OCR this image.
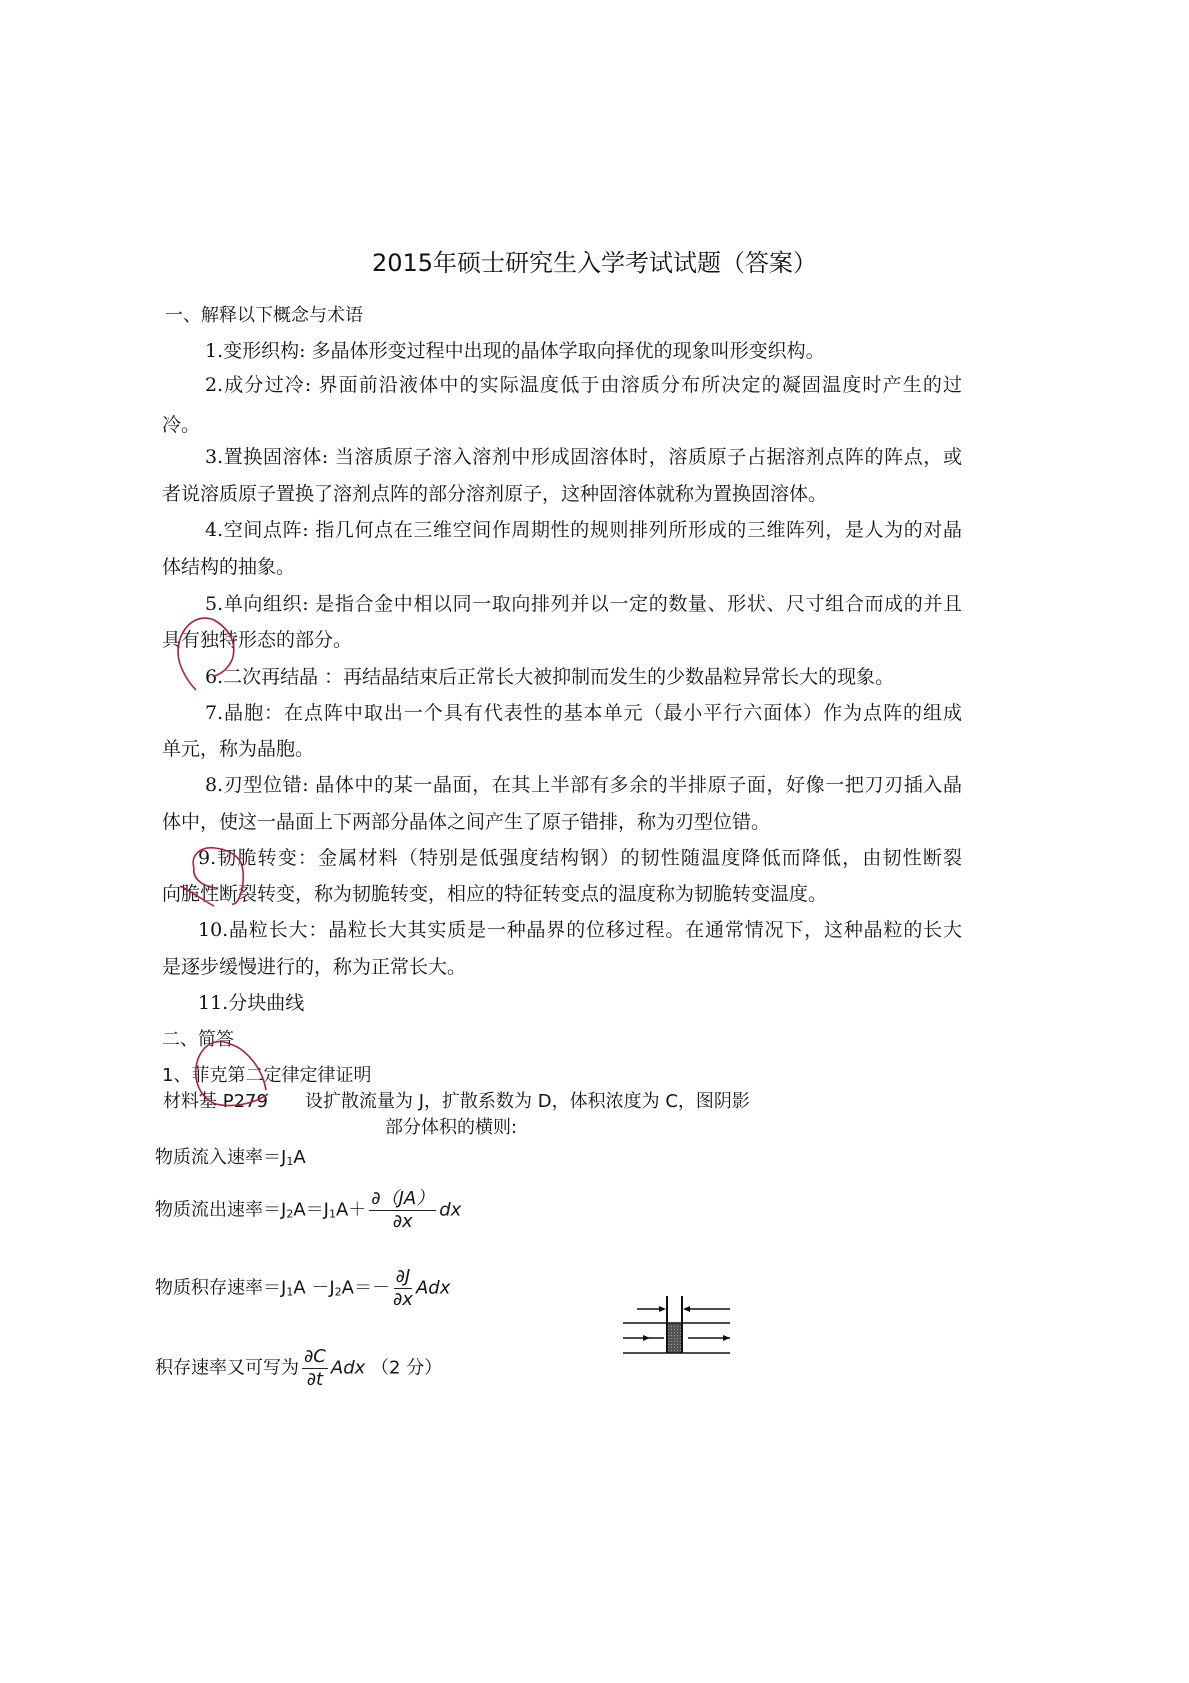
2015年硕士研究生入学考试试题（答案）
一、解释以下概念与术语
1.变形织构: 多晶体形变过程中出现的晶体学取向择优的现象叫形变织构。
2.成分过冷: 界面前沿液体中的实际温度低于由溶质分布所决定的凝固温度时产生的过
冷。
3.置换固溶体: 当溶质原子溶入溶剂中形成固溶体时，溶质原子占据溶剂点阵的阵点，或
者说溶质原子置换了溶剂点阵的部分溶剂原子，这种固溶体就称为置换固溶体。
4.空间点阵: 指几何点在三维空间作周期性的规则排列所形成的三维阵列，是人为的对晶
体结构的抽象。
5.单向组织: 是指合金中相以同一取向排列并以一定的数量、形状、尺寸组合而成的并且
具有独特形态的部分。
6.二次再结晶 ：再结晶结束后正常长大被抑制而发生的少数晶粒异常长大的现象。
7.晶胞：在点阵中取出一个具有代表性的基本单元（最小平行六面体）作为点阵的组成
单元，称为晶胞。
8.刃型位错: 晶体中的某一晶面，在其上半部有多余的半排原子面，好像一把刀刃插入晶
体中，使这一晶面上下两部分晶体之间产生了原子错排，称为刃型位错。
9.韧脆转变：金属材料（特别是低强度结构钢）的韧性随温度降低而降低，由韧性断裂
向脆性断裂转变，称为韧脆转变，相应的特征转变点的温度称为韧脆转变温度。
10.晶粒长大：晶粒长大其实质是一种晶界的位移过程。在通常情况下，这种晶粒的长大
是逐步缓慢进行的，称为正常长大。
11.分块曲线
二、简答
1、菲克第二定律定律证明
材料基 P279 设扩散流量为 J，扩散系数为 D，体积浓度为 C，图阴影
部分体积的横则:
物质流入速率$=J_1A$
物质流出速率$=J_2A=J_1A+ \frac{\partial(JA)}{\partial x}$ dx
物质积存速率$=J_1A -J_2A=- \frac{\partial J}{\partial x}$ Adx
积存速率又可写为 $\frac{\partial C}{\partial t}$ Adx （2 分）
